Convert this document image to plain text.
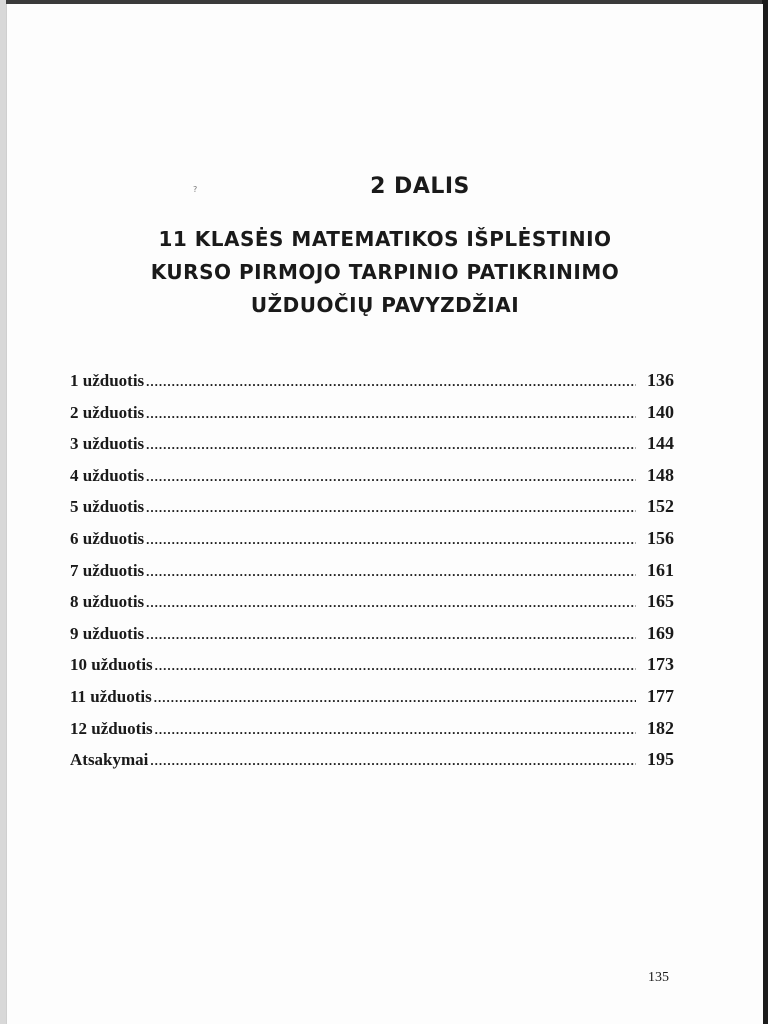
?	2 DALIS
11 KLASĖS MATEMATIKOS IŠPLĖSTINIO
KURSO PIRMOJO TARPINIO PATIKRINIMO
UŽDUOČIŲ PAVYZDŽIAI
1 užduotis .....	136
2 užduotis .....	140
3 užduotis .....	144
4 užduotis .....	148
5 užduotis .....	152
6 užduotis .....	156
7 užduotis .....	161
8 užduotis .....	165
9 užduotis .....	169
10 užduotis .....	173
11 užduotis .....	177
12 užduotis .....	182
Atsakymai .....	195
135
